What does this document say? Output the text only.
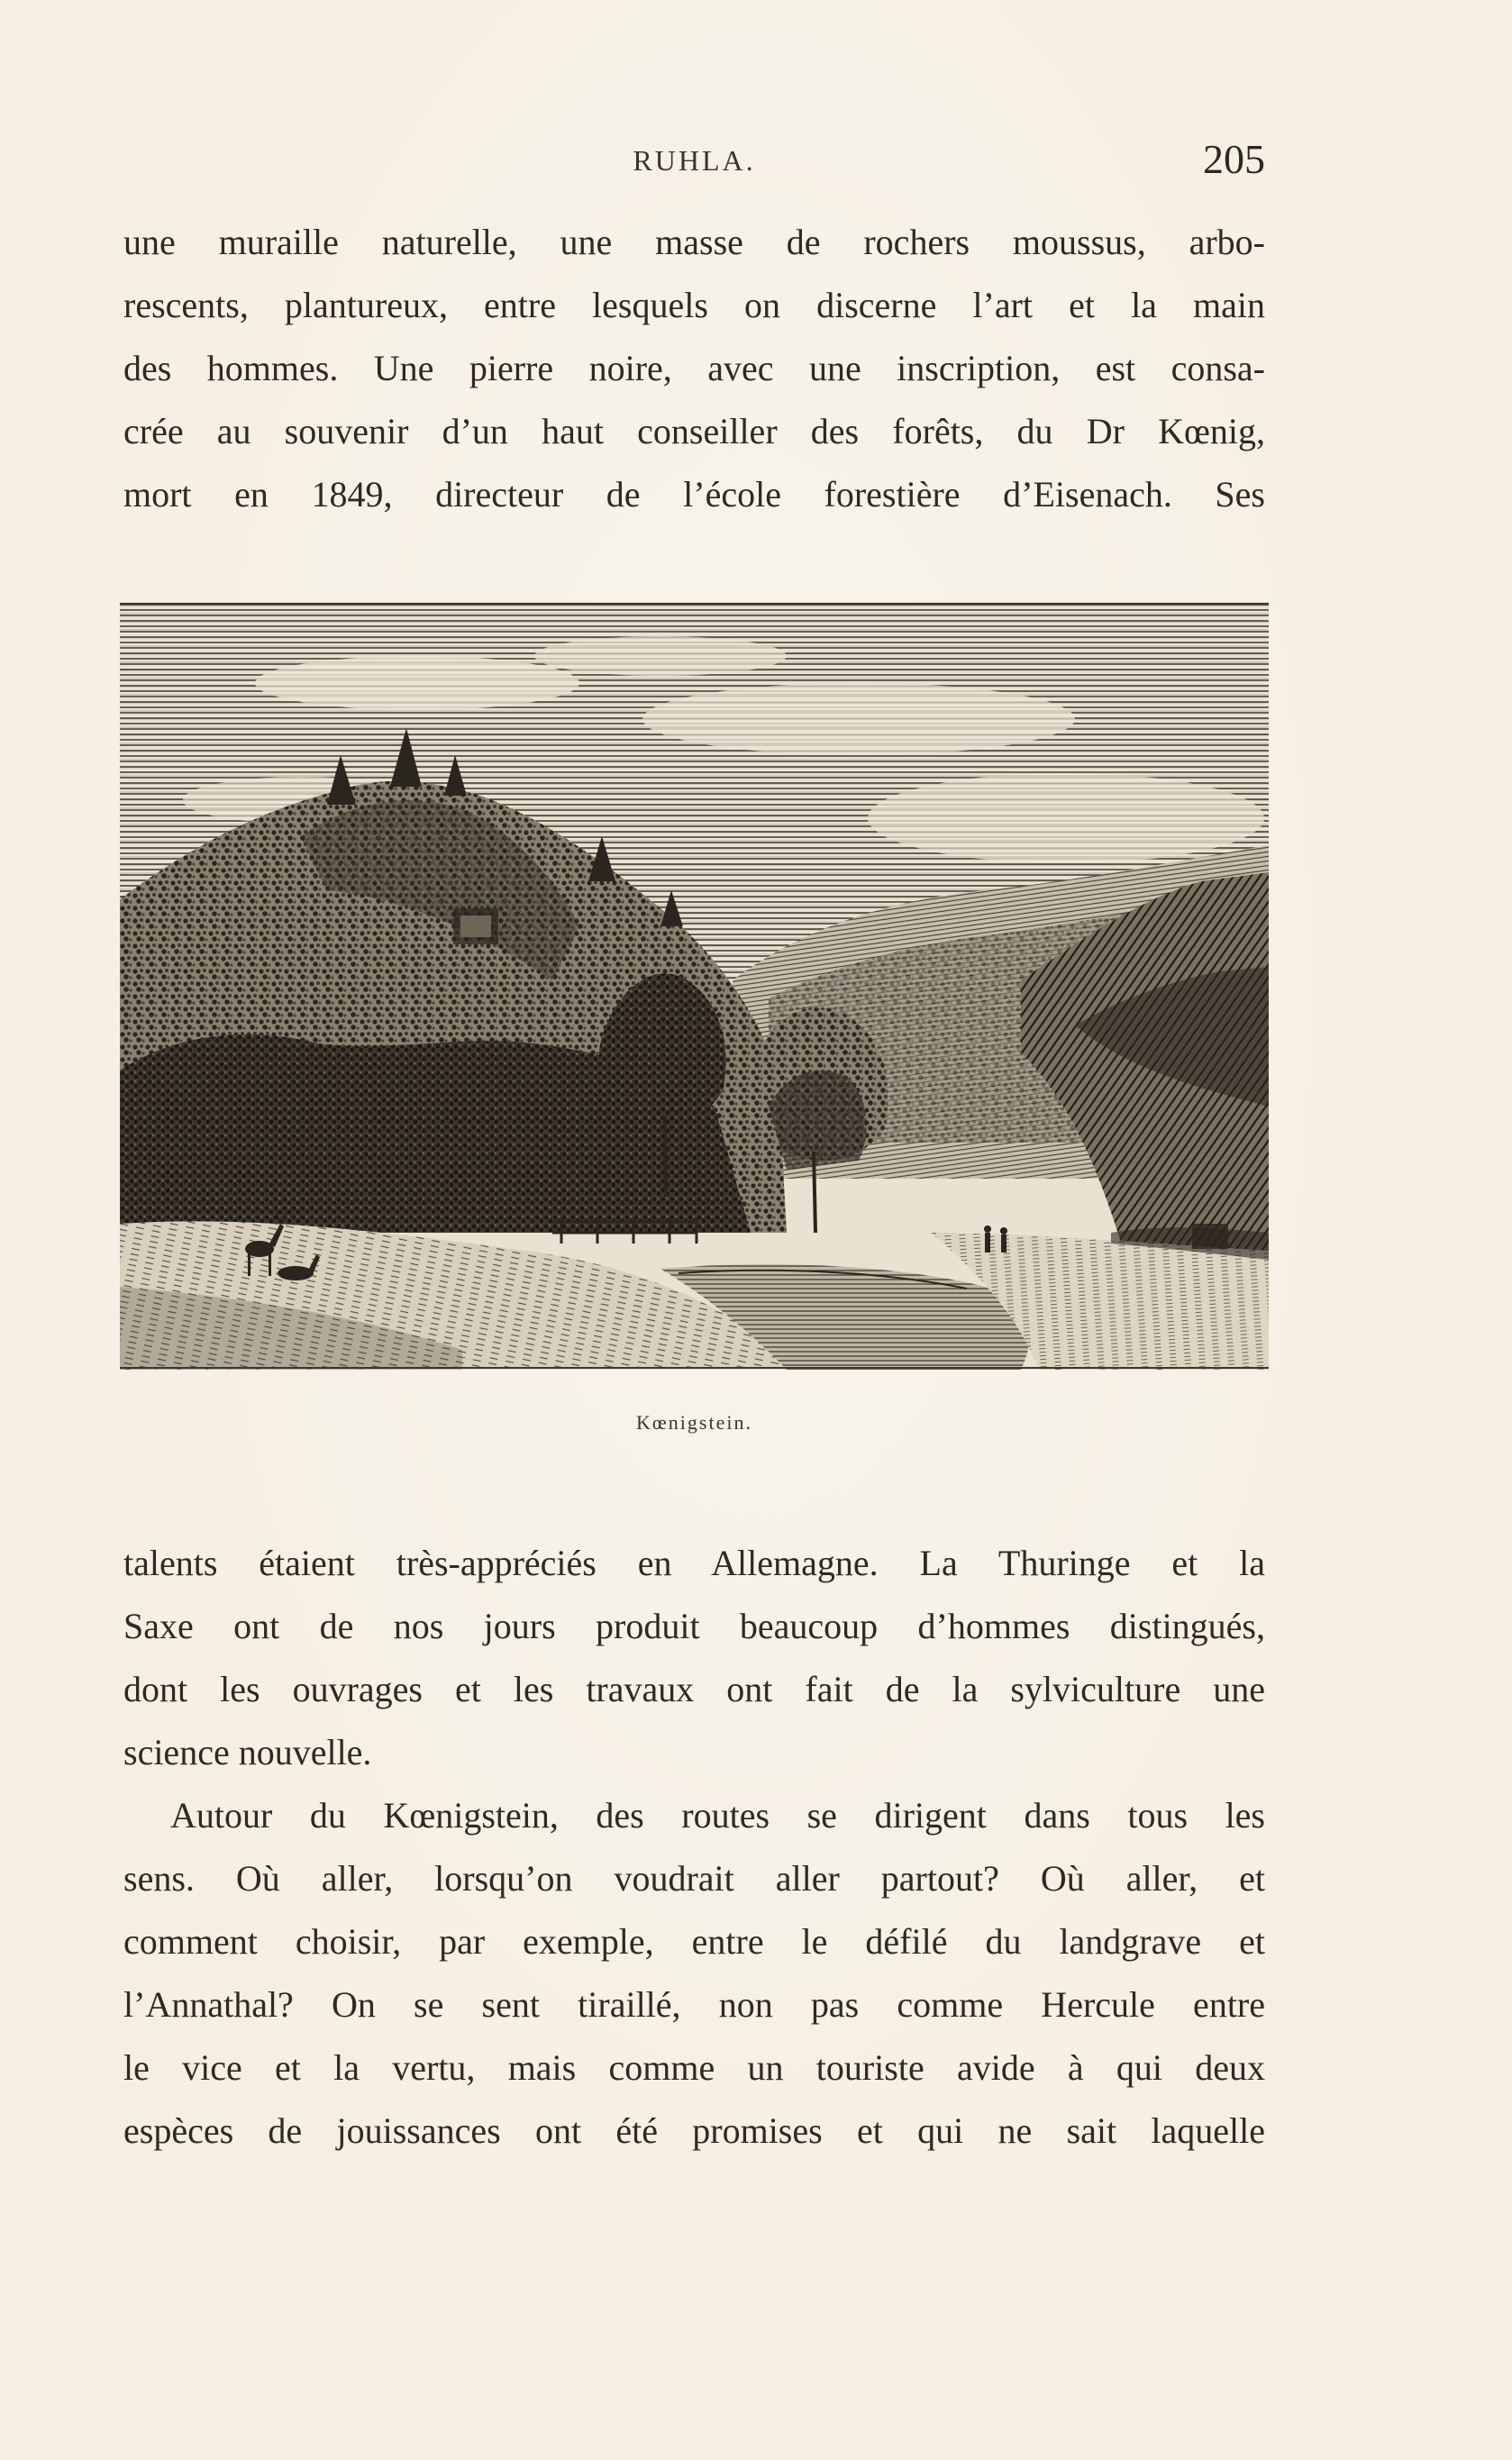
RUHLA.	205
une muraille naturelle, une masse de rochers moussus, arbo-
rescents, plantureux, entre lesquels on discerne l’art et la main
des hommes. Une pierre noire, avec une inscription, est consa-
crée au souvenir d’un haut conseiller des forêts, du Dr Kœnig,
mort en 1849, directeur de l’école forestière d’Eisenach. Ses
Kœnigstein.
talents étaient très-appréciés en Allemagne. La Thuringe et la
Saxe ont de nos jours produit beaucoup d’hommes distingués,
dont les ouvrages et les travaux ont fait de la sylviculture une
science nouvelle.
Autour du Kœnigstein, des routes se dirigent dans tous les
sens. Où aller, lorsqu’on voudrait aller partout? Où aller, et
comment choisir, par exemple, entre le défilé du landgrave et
l’Annathal? On se sent tiraillé, non pas comme Hercule entre
le vice et la vertu, mais comme un touriste avide à qui deux
espèces de jouissances ont été promises et qui ne sait laquelle
